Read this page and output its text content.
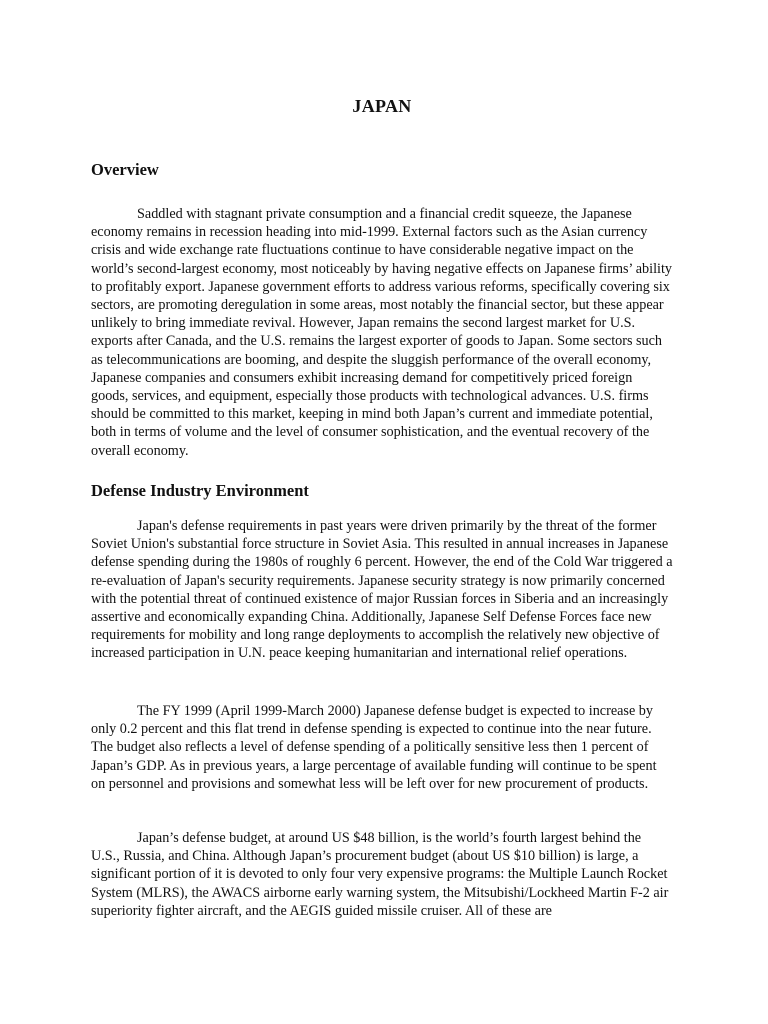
JAPAN
Overview

Saddled with stagnant private consumption and a financial credit squeeze, the Japanese economy remains in recession heading into mid-1999. External factors such as the Asian currency crisis and wide exchange rate fluctuations continue to have considerable negative impact on the world’s second-largest economy, most noticeably by having negative effects on Japanese firms’ ability to profitably export. Japanese government efforts to address various reforms, specifically covering six sectors, are promoting deregulation in some areas, most notably the financial sector, but these appear unlikely to bring immediate revival. However, Japan remains the second largest market for U.S. exports after Canada, and the U.S. remains the largest exporter of goods to Japan. Some sectors such as telecommunications are booming, and despite the sluggish performance of the overall economy, Japanese companies and consumers exhibit increasing demand for competitively priced foreign goods, services, and equipment, especially those products with technological advances. U.S. firms should be committed to this market, keeping in mind both Japan’s current and immediate potential, both in terms of volume and the level of consumer sophistication, and the eventual recovery of the overall economy.

Defense Industry Environment

Japan's defense requirements in past years were driven primarily by the threat of the former Soviet Union's substantial force structure in Soviet Asia. This resulted in annual increases in Japanese defense spending during the 1980s of roughly 6 percent. However, the end of the Cold War triggered a re-evaluation of Japan's security requirements. Japanese security strategy is now primarily concerned with the potential threat of continued existence of major Russian forces in Siberia and an increasingly assertive and economically expanding China. Additionally, Japanese Self Defense Forces face new requirements for mobility and long range deployments to accomplish the relatively new objective of increased participation in U.N. peace keeping humanitarian and international relief operations.

The FY 1999 (April 1999-March 2000) Japanese defense budget is expected to increase by only 0.2 percent and this flat trend in defense spending is expected to continue into the near future. The budget also reflects a level of defense spending of a politically sensitive less then 1 percent of Japan’s GDP. As in previous years, a large percentage of available funding will continue to be spent on personnel and provisions and somewhat less will be left over for new procurement of products.

Japan’s defense budget, at around US $48 billion, is the world’s fourth largest behind the U.S., Russia, and China. Although Japan’s procurement budget (about US $10 billion) is large, a significant portion of it is devoted to only four very expensive programs: the Multiple Launch Rocket System (MLRS), the AWACS airborne early warning system, the Mitsubishi/Lockheed Martin F-2 air superiority fighter aircraft, and the AEGIS guided missile cruiser. All of these are
